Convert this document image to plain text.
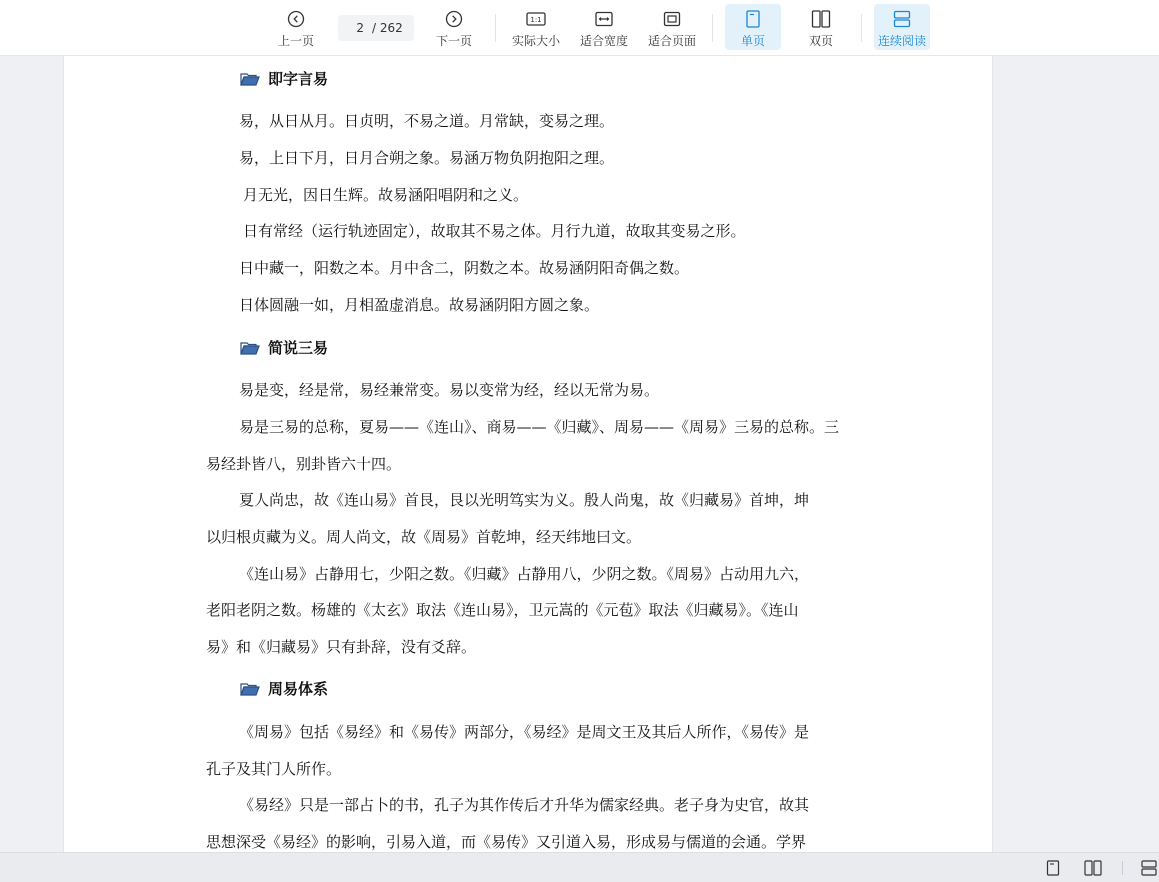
上一页
2 / 262
下一页
1:1
实际大小 适合宽度 适合页面	单页	双页	连续阅读
即字言易
易，从日从月。日贞明，不易之道。月常缺，变易之理。
易，上日下月，日月合朔之象。易涵万物负阴抱阳之理。
月无光，因日生辉。故易涵阳唱阴和之义。
日有常经（运行轨迹固定），故取其不易之体。月行九道，故取其变易之形。
日中藏一，阳数之本。月中含二，阴数之本。故易涵阴阳奇偶之数。
日体圆融一如，月相盈虚消息。故易涵阴阳方圆之象。
简说三易
易是变，经是常，易经兼常变。易以变常为经，经以无常为易。
易是三易的总称，夏易——《连山》、商易——《归藏》、周易——《周易》三易的总称。三
易经卦皆八，别卦皆六十四。
夏人尚忠，故《连山易》首艮，艮以光明笃实为义。殷人尚鬼，故《归藏易》首坤，坤
以归根贞藏为义。周人尚文，故《周易》首乾坤，经天纬地曰文。
《连山易》占静用七，少阳之数。《归藏》占静用八，少阴之数。《周易》占动用九六，
老阳老阴之数。杨雄的《太玄》取法《连山易》，卫元嵩的《元苞》取法《归藏易》。《连山
易》和《归藏易》只有卦辞，没有爻辞。
周易体系
《周易》包括《易经》和《易传》两部分，《易经》是周文王及其后人所作，《易传》是
孔子及其门人所作。
《易经》只是一部占卜的书，孔子为其作传后才升华为儒家经典。老子身为史官，故其
思想深受《易经》的影响，引易入道，而《易传》又引道入易，形成易与儒道的会通。学界
